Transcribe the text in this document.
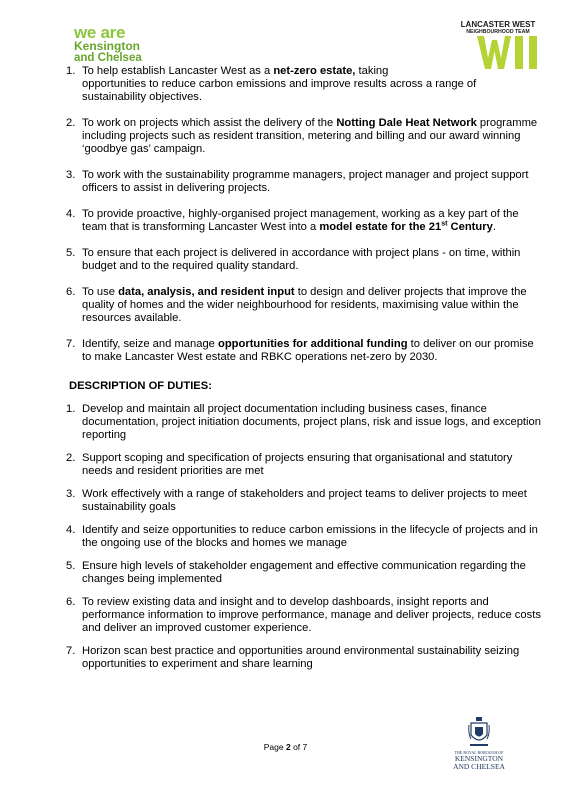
we are
Kensington
and Chelsea
LANCASTER WEST
NEIGHBOURHOOD TEAM
1. To help establish Lancaster West as a net-zero estate, taking
opportunities to reduce carbon emissions and improve results across a range of sustainability objectives.
2. To work on projects which assist the delivery of the Notting Dale Heat Network programme including projects such as resident transition, metering and billing and our award winning ‘goodbye gas’ campaign.
3. To work with the sustainability programme managers, project manager and project support officers to assist in delivering projects.
4. To provide proactive, highly-organised project management, working as a key part of the team that is transforming Lancaster West into a model estate for the 21st Century.
5. To ensure that each project is delivered in accordance with project plans - on time, within budget and to the required quality standard.
6. To use data, analysis, and resident input to design and deliver projects that improve the quality of homes and the wider neighbourhood for residents, maximising value within the resources available.
7. Identify, seize and manage opportunities for additional funding to deliver on our promise to make Lancaster West estate and RBKC operations net-zero by 2030.
DESCRIPTION OF DUTIES:
1. Develop and maintain all project documentation including business cases, finance documentation, project initiation documents, project plans, risk and issue logs, and exception reporting
2. Support scoping and specification of projects ensuring that organisational and statutory needs and resident priorities are met
3. Work effectively with a range of stakeholders and project teams to deliver projects to meet sustainability goals
4. Identify and seize opportunities to reduce carbon emissions in the lifecycle of projects and in the ongoing use of the blocks and homes we manage
5. Ensure high levels of stakeholder engagement and effective communication regarding the changes being implemented
6. To review existing data and insight and to develop dashboards, insight reports and performance information to improve performance, manage and deliver projects, reduce costs and deliver an improved customer experience.
7. Horizon scan best practice and opportunities around environmental sustainability seizing opportunities to experiment and share learning
Page 2 of 7
THE ROYAL BOROUGH OF
KENSINGTON
AND CHELSEA
